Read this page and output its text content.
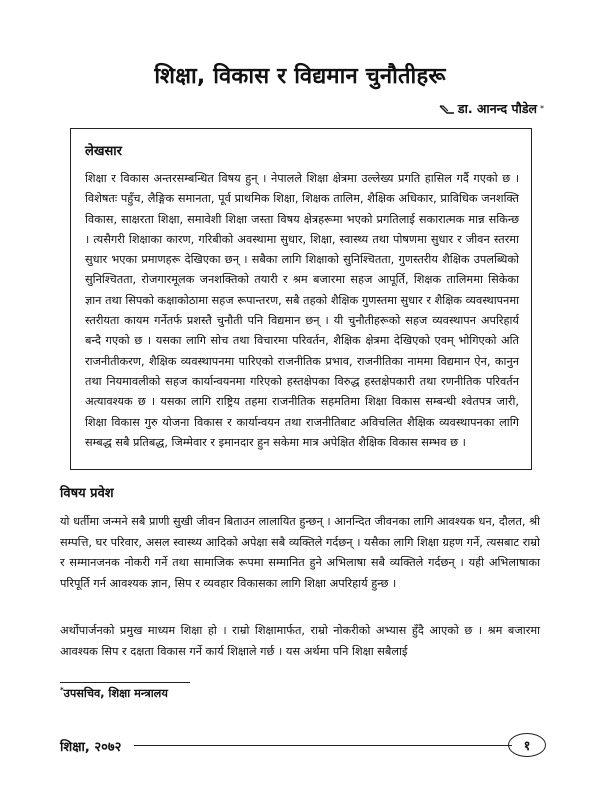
शिक्षा, विकास र विद्यमान चुनौतीहरू
डा. आनन्द पौडेल *

लेखसार

शिक्षा र विकास अन्तरसम्बन्धित विषय हुन् । नेपालले शिक्षा क्षेत्रमा उल्लेख्य प्रगति हासिल गर्दै गएको छ । विशेषतः पहुँच, लैङ्गिक समानता, पूर्व प्राथमिक शिक्षा, शिक्षक तालिम, शैक्षिक अधिकार, प्राविधिक जनशक्ति विकास, साक्षरता शिक्षा, समावेशी शिक्षा जस्ता विषय क्षेत्रहरूमा भएको प्रगतिलाई सकारात्मक मान्न सकिन्छ । त्यसैगरी शिक्षाका कारण, गरिबीको अवस्थामा सुधार, शिक्षा, स्वास्थ्य तथा पोषणमा सुधार र जीवन स्तरमा सुधार भएका प्रमाणहरू देखिएका छन् । सबैका लागि शिक्षाको सुनिश्चितता, गुणस्तरीय शैक्षिक उपलब्धिको सुनिश्चितता, रोजगारमूलक जनशक्तिको तयारी र श्रम बजारमा सहज आपूर्ति, शिक्षक तालिममा सिकेका ज्ञान तथा सिपको कक्षाकोठामा सहज रूपान्तरण, सबै तहको शैक्षिक गुणस्तमा सुधार र शैक्षिक व्यवस्थापनमा स्तरीयता कायम गर्नेतर्फ प्रशस्तै चुनौती पनि विद्यमान छन् । यी चुनौतीहरूको सहज व्यवस्थापन अपरिहार्य बन्दै गएको छ । यसका लागि सोच तथा विचारमा परिवर्तन, शैक्षिक क्षेत्रमा देखिएको एवम् भोगिएको अति राजनीतीकरण, शैक्षिक व्यवस्थापनमा पारिएको राजनीतिक प्रभाव, राजनीतिका नाममा विद्यमान ऐन, कानुन तथा नियमावलीको सहज कार्यान्वयनमा गरिएको हस्तक्षेपका विरुद्ध हस्तक्षेपकारी तथा रणनीतिक परिवर्तन अत्यावश्यक छ । यसका लागि राष्ट्रिय तहमा राजनीतिक सहमतिमा शिक्षा विकास सम्बन्धी श्वेतपत्र जारी, शिक्षा विकास गुरु योजना विकास र कार्यान्वयन तथा राजनीतिबाट अविचलित शैक्षिक व्यवस्थापनका लागि सम्बद्ध सबै प्रतिबद्ध, जिम्मेवार र इमानदार हुन सकेमा मात्र अपेक्षित शैक्षिक विकास सम्भव छ ।

विषय प्रवेश

यो धर्तीमा जन्मने सबै प्राणी सुखी जीवन बिताउन लालायित हुन्छन् । आनन्दित जीवनका लागि आवश्यक धन, दौलत, श्री सम्पत्ति, घर परिवार, असल स्वास्थ्य आदिको अपेक्षा सबै व्यक्तिले गर्दछन् । यसैका लागि शिक्षा ग्रहण गर्ने, त्यसबाट राम्रो र सम्मानजनक नोकरी गर्ने तथा सामाजिक रूपमा सम्मानित हुने अभिलाषा सबै व्यक्तिले गर्दछन् । यही अभिलाषाका परिपूर्ति गर्न आवश्यक ज्ञान, सिप र व्यवहार विकासका लागि शिक्षा अपरिहार्य हुन्छ ।

अर्थोपार्जनको प्रमुख माध्यम शिक्षा हो । राम्रो शिक्षामार्फत, राम्रो नोकरीको अभ्यास हुँदै आएको छ । श्रम बजारमा आवश्यक सिप र दक्षता विकास गर्ने कार्य शिक्षाले गर्छ । यस अर्थमा पनि शिक्षा सबैलाई

*उपसचिव, शिक्षा मन्त्रालय
शिक्षा, २०७२	१
